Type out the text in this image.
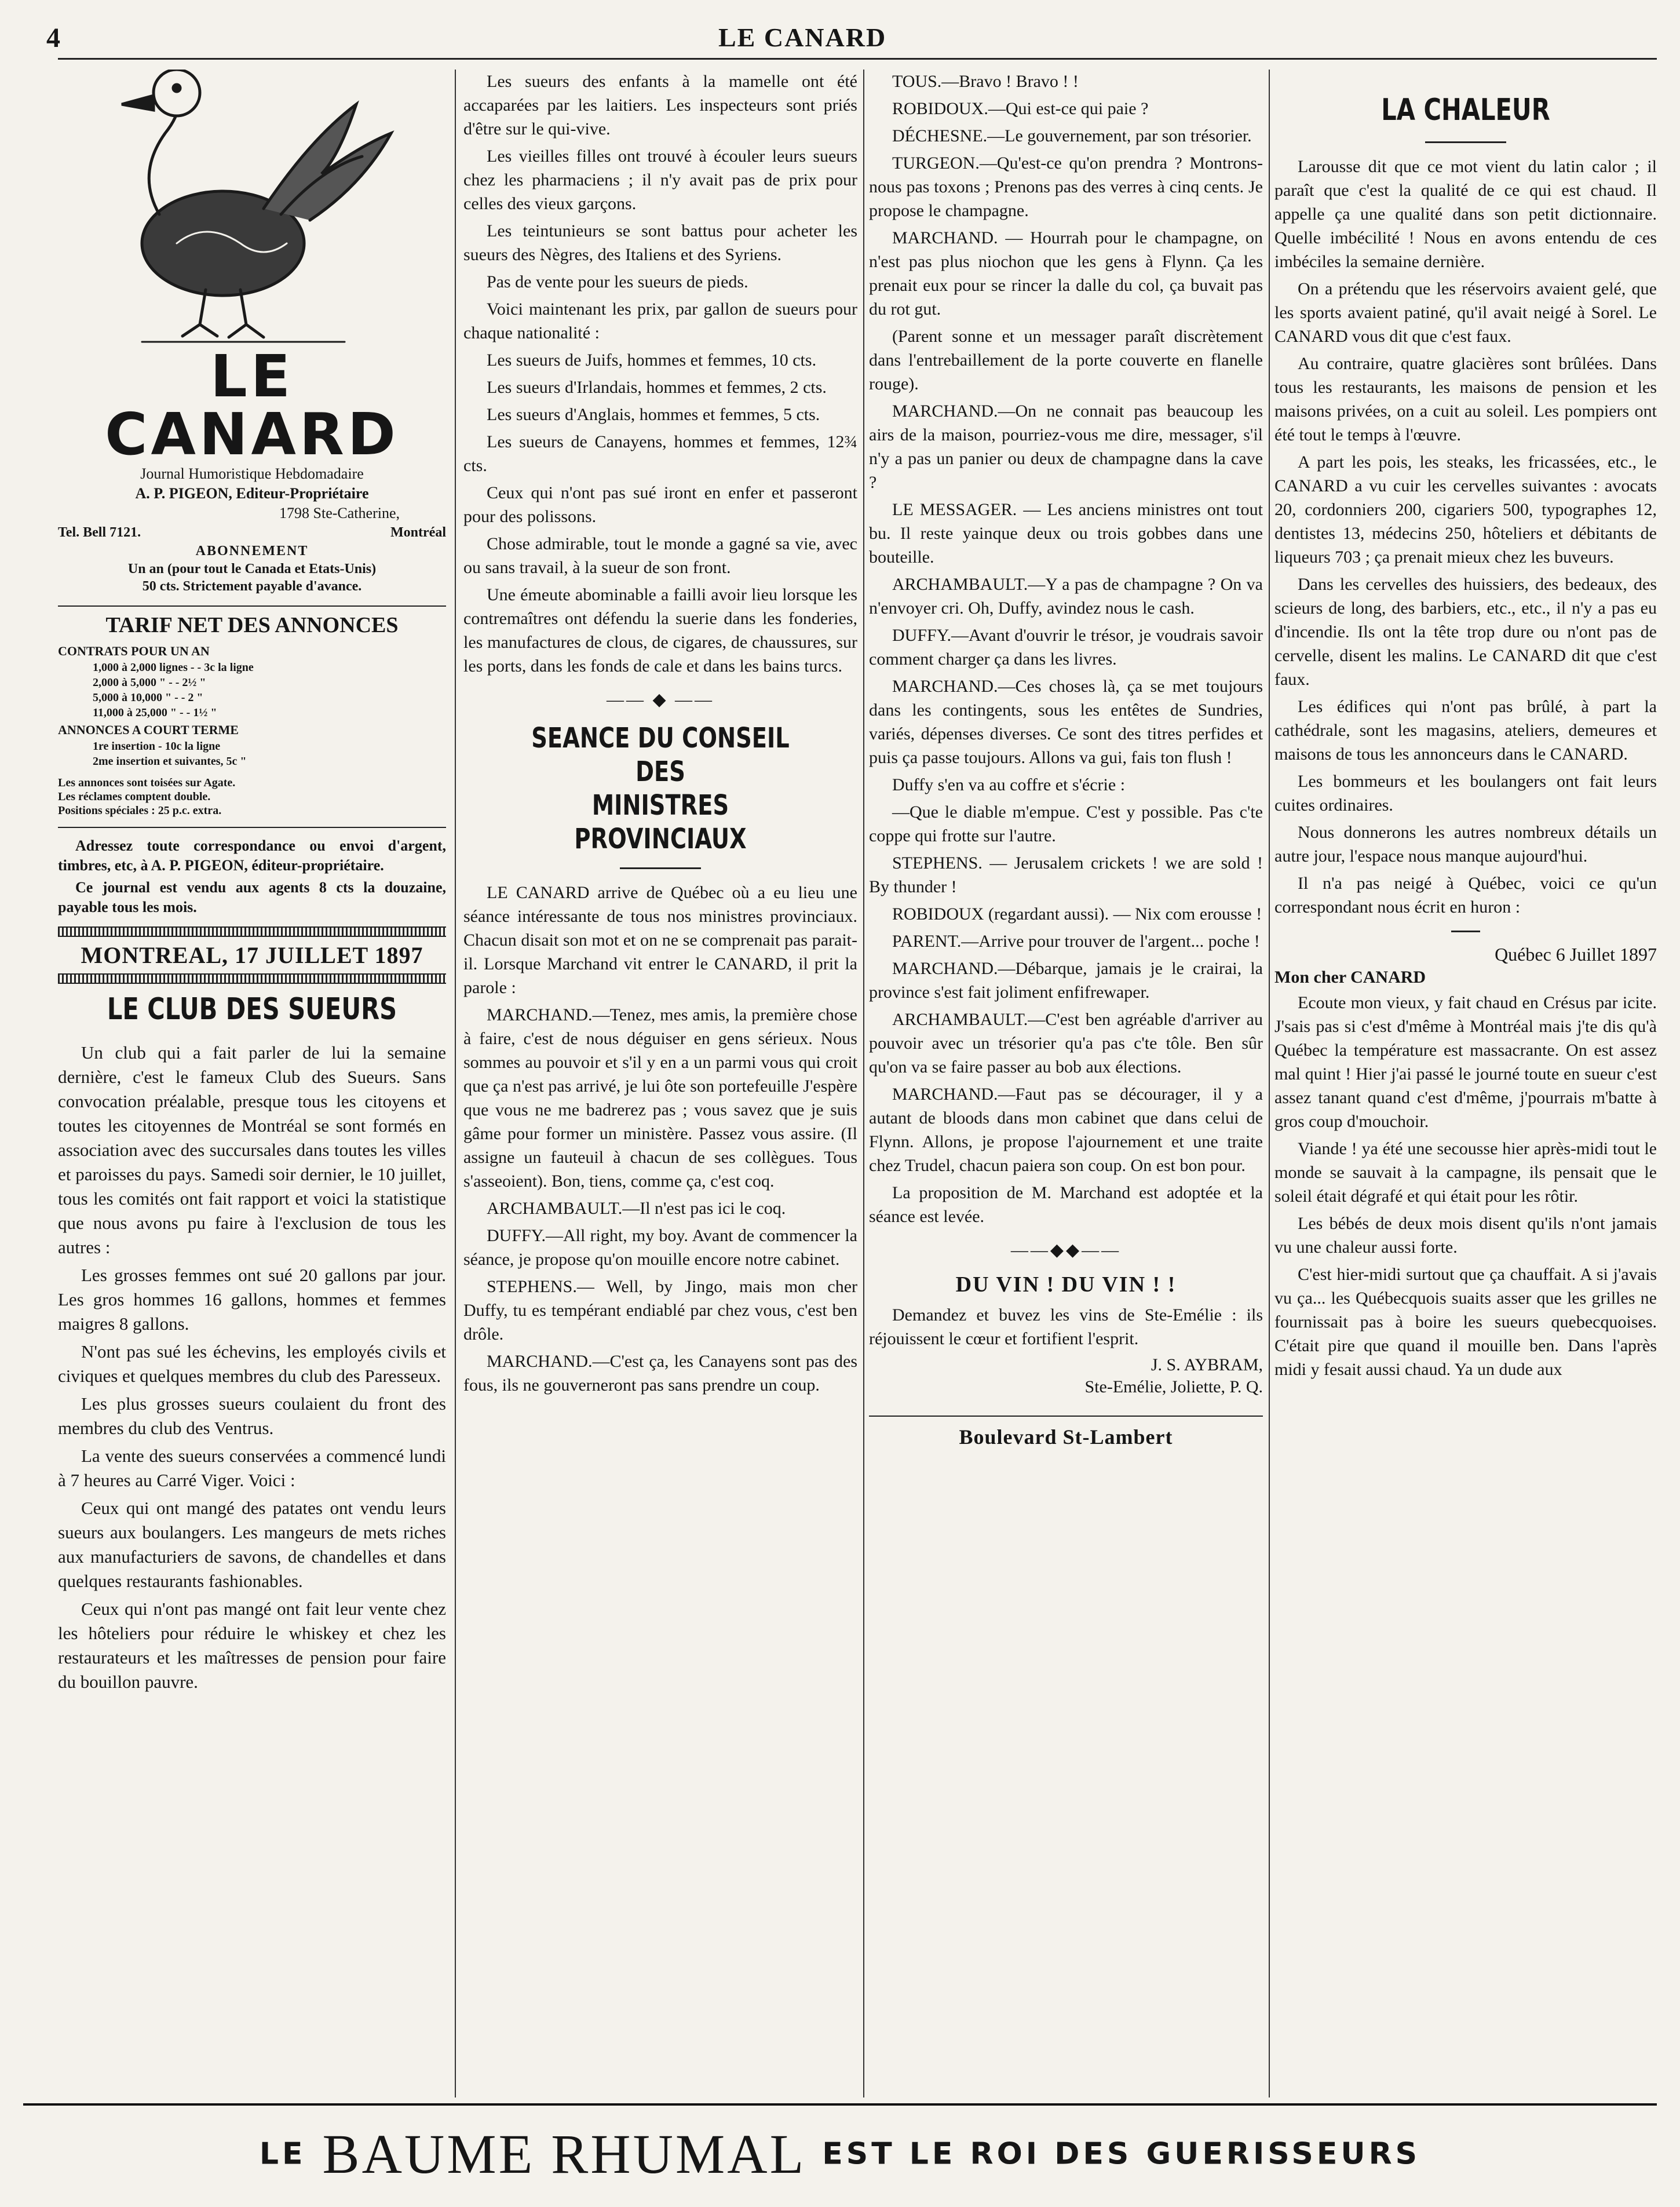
4	LE CANARD
LE CANARD
Journal Humoristique Hebdomadaire
A. P. PIGEON, Editeur-Propriétaire
1798 Ste-Catherine,
Tel. Bell 7121.	Montréal
ABONNEMENT
Un an (pour tout le Canada et Etats-Unis)
50 cts. Strictement payable d'avance.
TARIF NET DES ANNONCES
CONTRATS POUR UN AN
1,000 à 2,000 lignes - - 3c la ligne
2,000 à 5,000 " - - 2½ "
5,000 à 10,000 " - - 2 "
11,000 à 25,000 " - - 1½ "
ANNONCES A COURT TERME
1re insertion - 10c la ligne
2me insertion et suivantes, 5c "
Les annonces sont toisées sur Agate.
Les réclames comptent double.
Positions spéciales : 25 p.c. extra.
Adressez toute correspondance ou envoi d'argent, timbres, etc, à A. P. PIGEON, éditeur-propriétaire.
Ce journal est vendu aux agents 8 cts la douzaine, payable tous les mois.
MONTREAL, 17 JUILLET 1897
LE CLUB DES SUEURS

Un club qui a fait parler de lui la semaine dernière, c'est le fameux Club des Sueurs. Sans convocation préalable, presque tous les citoyens et toutes les citoyennes de Montréal se sont formés en association avec des succursales dans toutes les villes et paroisses du pays. Samedi soir dernier, le 10 juillet, tous les comités ont fait rapport et voici la statistique que nous avons pu faire à l'exclusion de tous les autres :

Les grosses femmes ont sué 20 gallons par jour. Les gros hommes 16 gallons, hommes et femmes maigres 8 gallons.

N'ont pas sué les échevins, les employés civils et civiques et quelques membres du club des Paresseux.

Les plus grosses sueurs coulaient du front des membres du club des Ventrus.

La vente des sueurs conservées a commencé lundi à 7 heures au Carré Viger. Voici :

Ceux qui ont mangé des patates ont vendu leurs sueurs aux boulangers. Les mangeurs de mets riches aux manufacturiers de savons, de chandelles et dans quelques restaurants fashionables.

Ceux qui n'ont pas mangé ont fait leur vente chez les hôteliers pour réduire le whiskey et chez les restaurateurs et les maîtresses de pension pour faire du bouillon pauvre.

Les sueurs des enfants à la mamelle ont été accaparées par les laitiers. Les inspecteurs sont priés d'être sur le qui-vive.

Les vieilles filles ont trouvé à écouler leurs sueurs chez les pharmaciens ; il n'y avait pas de prix pour celles des vieux garçons.

Les teintunieurs se sont battus pour acheter les sueurs des Nègres, des Italiens et des Syriens.

Pas de vente pour les sueurs de pieds.

Voici maintenant les prix, par gallon de sueurs pour chaque nationalité :

Les sueurs de Juifs, hommes et femmes, 10 cts.

Les sueurs d'Irlandais, hommes et femmes, 2 cts.

Les sueurs d'Anglais, hommes et femmes, 5 cts.

Les sueurs de Canayens, hommes et femmes, 12¾ cts.

Ceux qui n'ont pas sué iront en enfer et passeront pour des polissons.

Chose admirable, tout le monde a gagné sa vie, avec ou sans travail, à la sueur de son front.

Une émeute abominable a failli avoir lieu lorsque les contremaîtres ont défendu la suerie dans les fonderies, les manufactures de clous, de cigares, de chaussures, sur les ports, dans les fonds de cale et dans les bains turcs.

—— ◆ ——
SEANCE DU CONSEIL DES
MINISTRES PROVINCIAUX

LE CANARD arrive de Québec où a eu lieu une séance intéressante de tous nos ministres provinciaux. Chacun disait son mot et on ne se comprenait pas parait-il. Lorsque Marchand vit entrer le CANARD, il prit la parole :

MARCHAND.—Tenez, mes amis, la première chose à faire, c'est de nous déguiser en gens sérieux. Nous sommes au pouvoir et s'il y en a un parmi vous qui croit que ça n'est pas arrivé, je lui ôte son portefeuille J'espère que vous ne me badrerez pas ; vous savez que je suis gâme pour former un ministère. Passez vous assire. (Il assigne un fauteuil à chacun de ses collègues. Tous s'asseoient). Bon, tiens, comme ça, c'est coq.

ARCHAMBAULT.—Il n'est pas ici le coq.

DUFFY.—All right, my boy. Avant de commencer la séance, je propose qu'on mouille encore notre cabinet.

STEPHENS.— Well, by Jingo, mais mon cher Duffy, tu es tempérant endiablé par chez vous, c'est ben drôle.

MARCHAND.—C'est ça, les Canayens sont pas des fous, ils ne gouverneront pas sans prendre un coup.

TOUS.—Bravo ! Bravo ! !

ROBIDOUX.—Qui est-ce qui paie ?

DÉCHESNE.—Le gouvernement, par son trésorier.

TURGEON.—Qu'est-ce qu'on prendra ? Montrons-nous pas toxons ; Prenons pas des verres à cinq cents. Je propose le champagne.

MARCHAND. — Hourrah pour le champagne, on n'est pas plus niochon que les gens à Flynn. Ça les prenait eux pour se rincer la dalle du col, ça buvait pas du rot gut.

(Parent sonne et un messager paraît discrètement dans l'entrebaillement de la porte couverte en flanelle rouge).

MARCHAND.—On ne connait pas beaucoup les airs de la maison, pourriez-vous me dire, messager, s'il n'y a pas un panier ou deux de champagne dans la cave ?

LE MESSAGER. — Les anciens ministres ont tout bu. Il reste yainque deux ou trois gobbes dans une bouteille.

ARCHAMBAULT.—Y a pas de champagne ? On va n'envoyer cri. Oh, Duffy, avindez nous le cash.

DUFFY.—Avant d'ouvrir le trésor, je voudrais savoir comment charger ça dans les livres.

MARCHAND.—Ces choses là, ça se met toujours dans les contingents, sous les entêtes de Sundries, variés, dépenses diverses. Ce sont des titres perfides et puis ça passe toujours. Allons va gui, fais ton flush !

Duffy s'en va au coffre et s'écrie :

—Que le diable m'empue. C'est y possible. Pas c'te coppe qui frotte sur l'autre.

STEPHENS. — Jerusalem crickets ! we are sold ! By thunder !

ROBIDOUX (regardant aussi). — Nix com erousse !

PARENT.—Arrive pour trouver de l'argent... poche !

MARCHAND.—Débarque, jamais je le crairai, la province s'est fait joliment enfifrewaper.

ARCHAMBAULT.—C'est ben agréable d'arriver au pouvoir avec un trésorier qu'a pas c'te tôle. Ben sûr qu'on va se faire passer au bob aux élections.

MARCHAND.—Faut pas se décourager, il y a autant de bloods dans mon cabinet que dans celui de Flynn. Allons, je propose l'ajournement et une traite chez Trudel, chacun paiera son coup. On est bon pour.

La proposition de M. Marchand est adoptée et la séance est levée.

——◆◆——
DU VIN ! DU VIN ! !

Demandez et buvez les vins de Ste-Emélie : ils réjouissent le cœur et fortifient l'esprit.

J. S. AYBRAM,
Ste-Emélie, Joliette, P. Q.
Boulevard St-Lambert
LA CHALEUR

Larousse dit que ce mot vient du latin calor ; il paraît que c'est la qualité de ce qui est chaud. Il appelle ça une qualité dans son petit dictionnaire. Quelle imbécilité ! Nous en avons entendu de ces imbéciles la semaine dernière.

On a prétendu que les réservoirs avaient gelé, que les sports avaient patiné, qu'il avait neigé à Sorel. Le CANARD vous dit que c'est faux.

Au contraire, quatre glacières sont brûlées. Dans tous les restaurants, les maisons de pension et les maisons privées, on a cuit au soleil. Les pompiers ont été tout le temps à l'œuvre.

A part les pois, les steaks, les fricassées, etc., le CANARD a vu cuir les cervelles suivantes : avocats 20, cordonniers 200, cigariers 500, typographes 12, dentistes 13, médecins 250, hôteliers et débitants de liqueurs 703 ; ça prenait mieux chez les buveurs.

Dans les cervelles des huissiers, des bedeaux, des scieurs de long, des barbiers, etc., etc., il n'y a pas eu d'incendie. Ils ont la tête trop dure ou n'ont pas de cervelle, disent les malins. Le CANARD dit que c'est faux.

Les édifices qui n'ont pas brûlé, à part la cathédrale, sont les magasins, ateliers, demeures et maisons de tous les annonceurs dans le CANARD.

Les bommeurs et les boulangers ont fait leurs cuites ordinaires.

Nous donnerons les autres nombreux détails un autre jour, l'espace nous manque aujourd'hui.

Il n'a pas neigé à Québec, voici ce qu'un correspondant nous écrit en huron :

Québec 6 Juillet 1897
Mon cher CANARD

Ecoute mon vieux, y fait chaud en Crésus par icite. J'sais pas si c'est d'même à Montréal mais j'te dis qu'à Québec la température est massacrante. On est assez mal quint ! Hier j'ai passé le journé toute en sueur c'est assez tanant quand c'est d'même, j'pourrais m'batte à gros coup d'mouchoir.

Viande ! ya été une secousse hier après-midi tout le monde se sauvait à la campagne, ils pensait que le soleil était dégrafé et qui était pour les rôtir.

Les bébés de deux mois disent qu'ils n'ont jamais vu une chaleur aussi forte.

C'est hier-midi surtout que ça chauffait. A si j'avais vu ça... les Québecquois suaits asser que les grilles ne fournissait pas à boire les sueurs quebecquoises. C'était pire que quand il mouille ben. Dans l'après midi y fesait aussi chaud. Ya un dude aux

LE BAUME RHUMAL EST LE ROI DES GUERISSEURS
